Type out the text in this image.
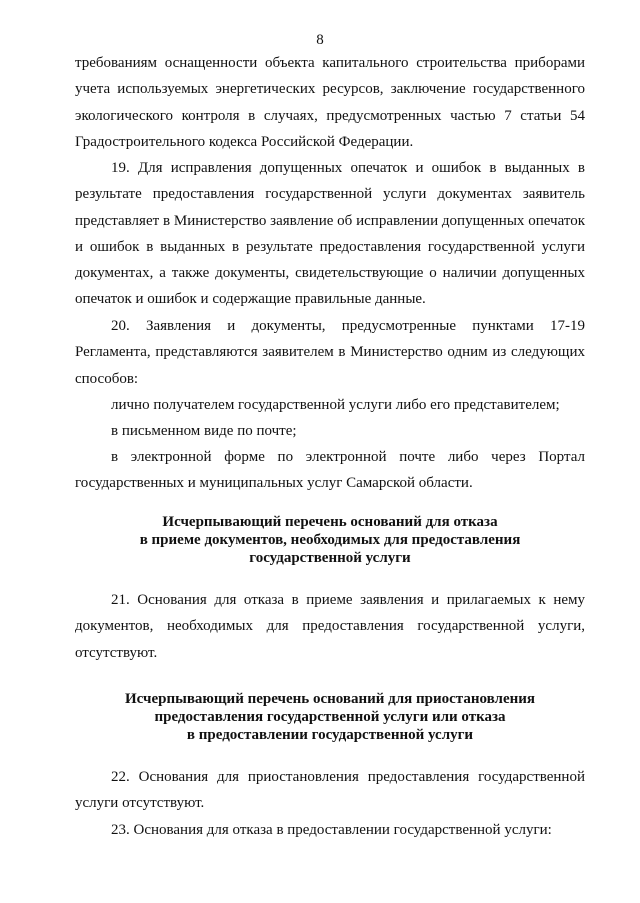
8
требованиям оснащенности объекта капитального строительства приборами
учета используемых энергетических ресурсов, заключение государственного
экологического контроля в случаях, предусмотренных частью 7 статьи 54
Градостроительного кодекса Российской Федерации.
19. Для исправления допущенных опечаток и ошибок в выданных в
результате предоставления государственной услуги документах заявитель
представляет в Министерство заявление об исправлении допущенных опечаток
и ошибок в выданных в результате предоставления государственной услуги
документах, а также документы, свидетельствующие о наличии допущенных
опечаток и ошибок и содержащие правильные данные.
20. Заявления и документы, предусмотренные пунктами 17-19
Регламента, представляются заявителем в Министерство одним из следующих
способов:
лично получателем государственной услуги либо его представителем;
в письменном виде по почте;
в электронной форме по электронной почте либо через Портал
государственных и муниципальных услуг Самарской области.
Исчерпывающий перечень оснований для отказа
в приеме документов, необходимых для предоставления
государственной услуги
21. Основания для отказа в приеме заявления и прилагаемых к нему
документов, необходимых для предоставления государственной услуги,
отсутствуют.
Исчерпывающий перечень оснований для приостановления
предоставления государственной услуги или отказа
в предоставлении государственной услуги
22. Основания для приостановления предоставления государственной
услуги отсутствуют.
23. Основания для отказа в предоставлении государственной услуги:
